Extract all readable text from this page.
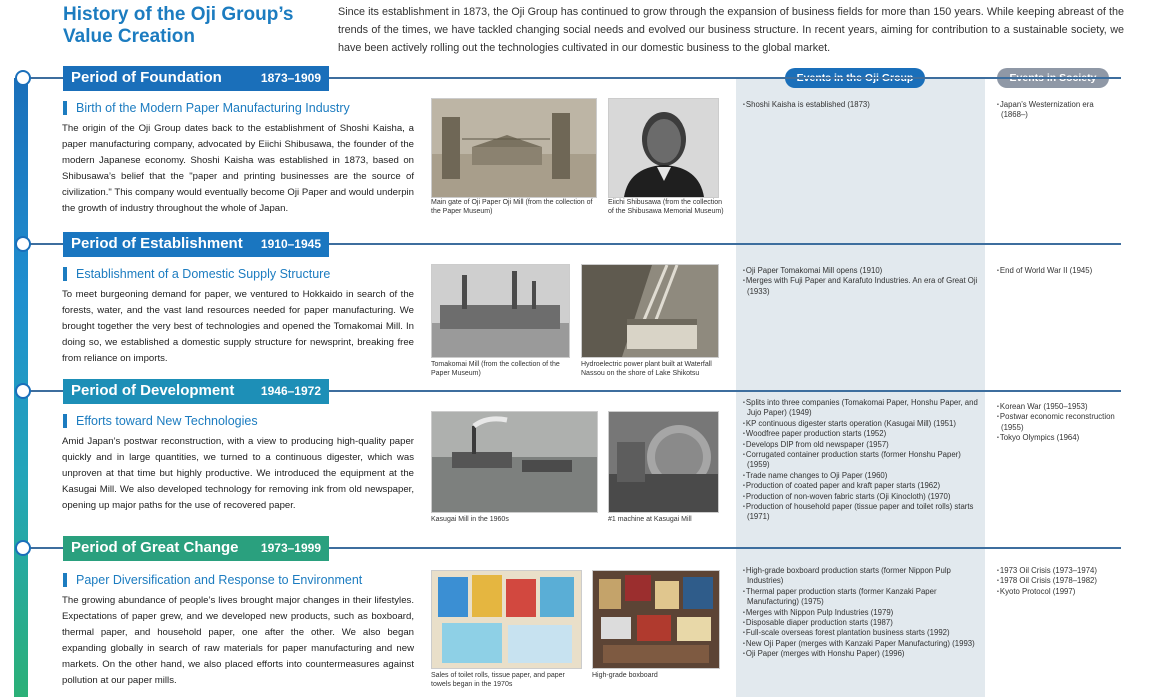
History of the Oji Group’s
Value Creation
Since its establishment in 1873, the Oji Group has continued to grow through the expansion of business fields for more than 150 years. While keeping abreast of the trends of the times, we have tackled changing social needs and evolved our business structure. In recent years, aiming for contribution to a sustainable society, we have been actively rolling out the technologies cultivated in our domestic business to the global market.
Period of Foundation	1873–1909
Birth of the Modern Paper Manufacturing Industry
The origin of the Oji Group dates back to the establishment of Shoshi Kaisha, a paper manufacturing company, advocated by Eiichi Shibusawa, the founder of the modern Japanese economy. Shoshi Kaisha was established in 1873, based on Shibusawa’s belief that the "paper and printing businesses are the source of civilization." This company would eventually become Oji Paper and would underpin the growth of industry throughout the whole of Japan.
Main gate of Oji Paper Oji Mill (from the collection of the Paper Museum)
Eiichi Shibusawa (from the collection of the Shibusawa Memorial Museum)
･ Shoshi Kaisha is established (1873)
･	Japan’s Westernization era (1868–)
Period of Establishment 1910–1945
Establishment of a Domestic Supply Structure
To meet burgeoning demand for paper, we ventured to Hokkaido in search of the forests, water, and the vast land resources needed for paper manufacturing. We brought together the very best of technologies and opened the Tomakomai Mill. In doing so, we established a domestic supply structure for newsprint, breaking free from reliance on imports.
Tomakomai Mill (from the collection of the Paper Museum)
Hydroelectric power plant built at Waterfall Nassou on the shore of Lake Shikotsu
･ Oji Paper Tomakomai Mill opens (1910)
･ Merges with Fuji Paper and Karafuto Industries. An era of Great Oji (1933)
･ End of World War II (1945)
Period of Development 1946–1972
Efforts toward New Technologies
Amid Japan’s postwar reconstruction, with a view to producing high-quality paper quickly and in large quantities, we turned to a continuous digester, which was unproven at that time but highly productive. We introduced the equipment at the Kasugai Mill. We also developed technology for removing ink from old newspaper, opening up major paths for the use of recovered paper.
Kasugai Mill in the 1960s	#1 machine at Kasugai Mill
･ Splits into three companies (Tomakomai Paper, Honshu Paper, and Jujo Paper) (1949)
･ KP continuous digester starts operation (Kasugai Mill) (1951)
･ Woodfree paper production starts (1952)
･ Develops DIP from old newspaper (1957)
･ Corrugated container production starts (former Honshu Paper) (1959)
･ Trade name changes to Oji Paper (1960)
･ Production of coated paper and kraft paper starts (1962)
･ Production of non-woven fabric starts (Oji Kinocloth) (1970)
･ Production of household paper (tissue paper and toilet rolls) starts (1971)
･ Korean War (1950–1953)
･ Postwar economic reconstruction (1955)
･ Tokyo Olympics (1964)
Period of Great Change 1973–1999
Paper Diversification and Response to Environment
The growing abundance of people’s lives brought major changes in their lifestyles. Expectations of paper grew, and we developed new products, such as boxboard, thermal paper, and household paper, one after the other. We also began expanding globally in search of raw materials for paper manufacturing and new markets. On the other hand, we also placed efforts into countermeasures against pollution at our paper mills.	Sales of toilet rolls, tissue paper, and paper towels began in the 1970s
High-grade boxboard
･ High-grade boxboard production starts (former Nippon Pulp Industries)
･ Thermal paper production starts (former Kanzaki Paper Manufacturing) (1975)
･ Merges with Nippon Pulp Industries (1979)
･ Disposable diaper production starts (1987)
･ Full-scale overseas forest plantation business starts (1992)
･ New Oji Paper (merges with Kanzaki Paper Manufacturing) (1993)
･ Oji Paper (merges with Honshu Paper) (1996)
･ 1973 Oil Crisis (1973–1974)
･ 1978 Oil Crisis (1978–1982)
･ Kyoto Protocol (1997)
